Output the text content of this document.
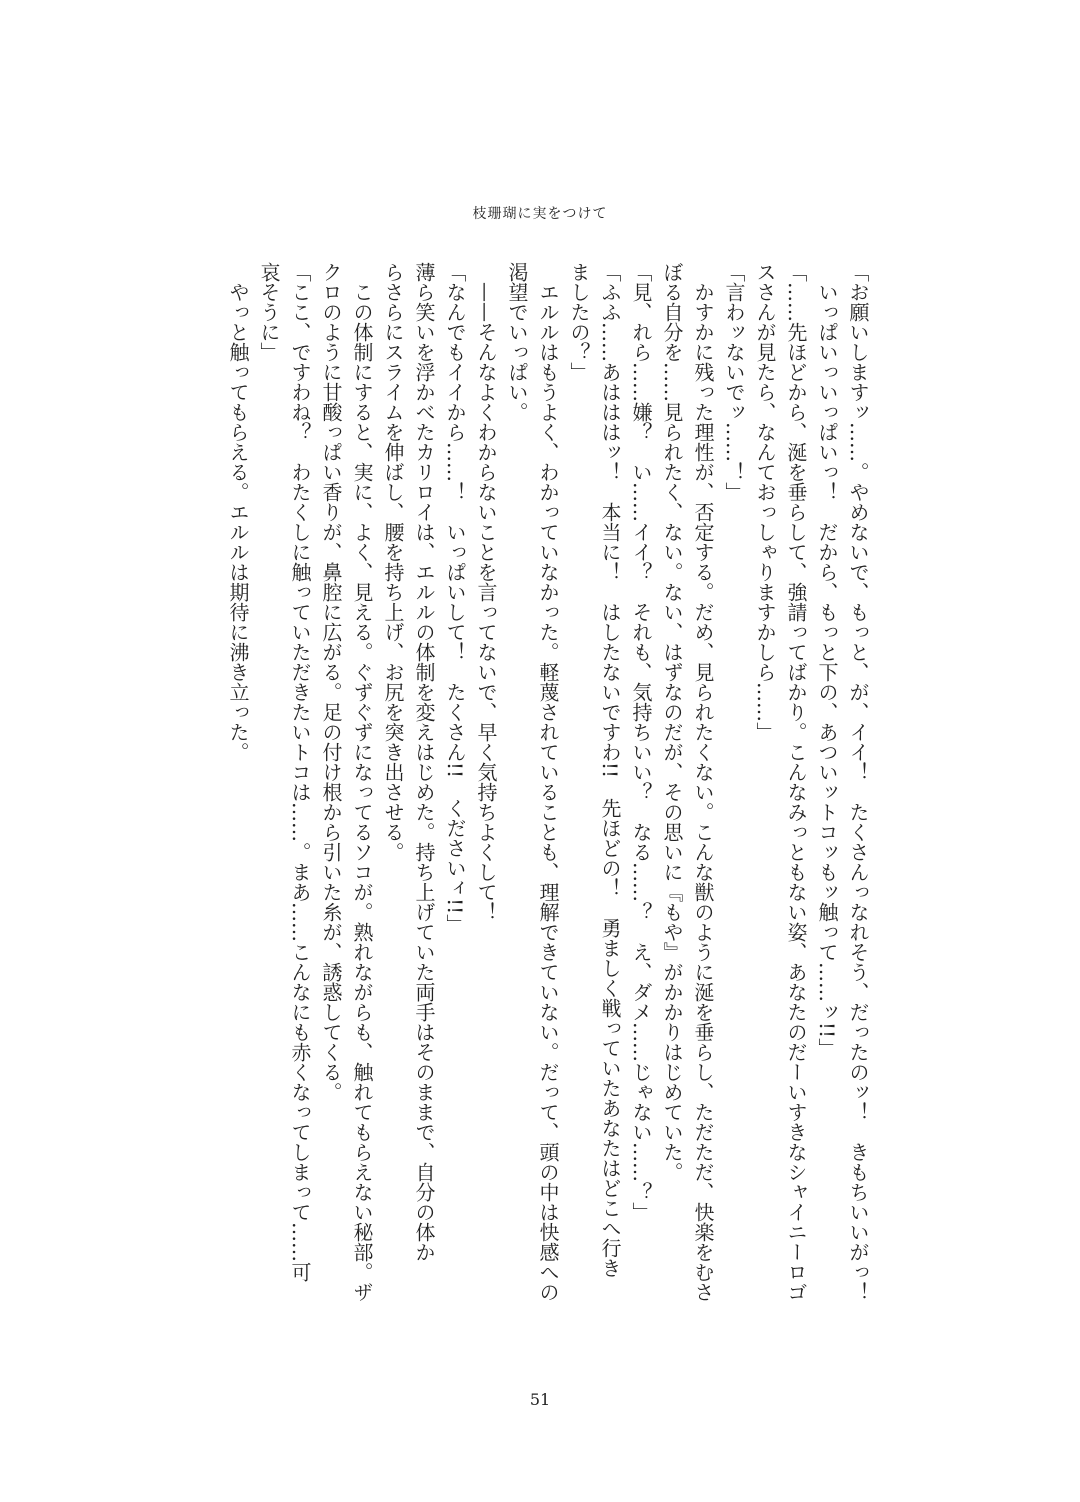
枝珊瑚に実をつけて

「お願いしますッ……。やめないで、もっと、が、イイ！　たくさんっなれそう、だったのッ！　きもちいいがっ！

　いっぱいっいっぱいっ！　だから、もっと下の、あついットコッもッ触って……ッ!!」

「……先ほどから、涎を垂らして、強請ってばかり。こんなみっともない姿、あなたのだーいすきなシャイニーロゴ

スさんが見たら、なんておっしゃりますかしら……」

「言わッないでッ……！」

　かすかに残った理性が、否定する。だめ、見られたくない。こんな獣のように涎を垂らし、ただただ、快楽をむさ

ぼる自分を……見られたく、ない。ない、はずなのだが、その思いに『もや』がかかりはじめていた。

「見、れら……嫌？　い……イイ？　それも、気持ちいい？　なる……？　え、ダメ……じゃない……？」

「ふふ……あはははッ！　本当に！　はしたないですわ!!　先ほどの！　勇ましく戦っていたあなたはどこへ行き

ましたの？」

　エルルはもうよく、わかっていなかった。軽蔑されていることも、理解できていない。だって、頭の中は快感への

渇望でいっぱい。

　——そんなよくわからないことを言ってないで、早く気持ちよくして！

「なんでもイイから……！　いっぱいして！　たくさん!!　くださいィ!!」

薄ら笑いを浮かべたカリロイは、エルルの体制を変えはじめた。持ち上げていた両手はそのままで、自分の体か

らさらにスライムを伸ばし、腰を持ち上げ、お尻を突き出させる。

　この体制にすると、実に、よく、見える。ぐずぐずになってるソコが。熟れながらも、触れてもらえない秘部。ザ

クロのように甘酸っぱい香りが、鼻腔に広がる。足の付け根から引いた糸が、誘惑してくる。

「ここ、ですわね？　わたくしに触っていただきたいトコは……。まあ……こんなにも赤くなってしまって……可

哀そうに」

　やっと触ってもらえる。エルルは期待に沸き立った。

51
